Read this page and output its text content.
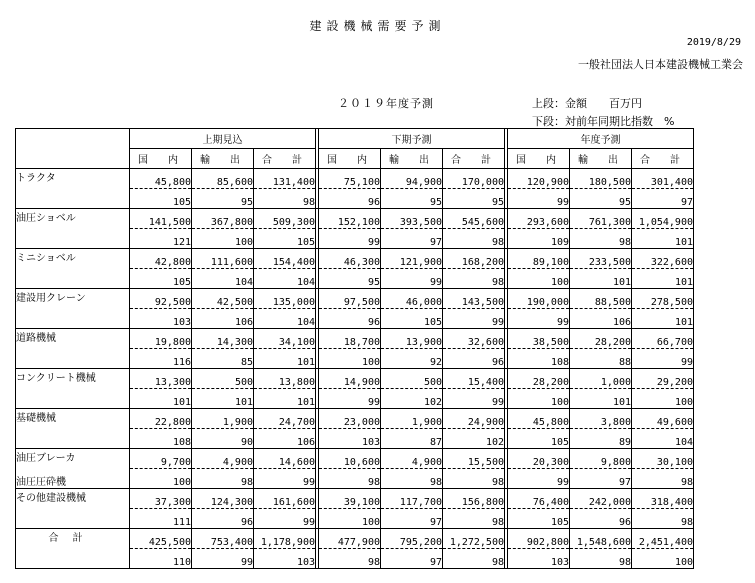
建設機械需要予測
2019/8/29
一般社団法人日本建設機械工業会
２０１９年度予測	上段：金額　　百万円
下段：対前年同期比指数　%
	上期見込				下期予測				年度予測		
	国　内	輸　出	合　計		国　内	輸　出	合　計		国　内	輸　出	合　計
トラクタ	45,800	85,600	131,400		75,100	94,900	170,000		120,900	180,500	301,400
	105	95	98		96	95	95		99	95	97
油圧ショベル	141,500	367,800	509,300		152,100	393,500	545,600		293,600	761,300	1,054,900
	121	100	105		99	97	98		109	98	101
ミニショベル	42,800	111,600	154,400		46,300	121,900	168,200		89,100	233,500	322,600
	105	104	104		95	99	98		100	101	101
建設用クレーン	92,500	42,500	135,000		97,500	46,000	143,500		190,000	88,500	278,500
	103	106	104		96	105	99		99	106	101
道路機械	19,800	14,300	34,100		18,700	13,900	32,600		38,500	28,200	66,700
	116	85	101		100	92	96		108	88	99
コンクリート機械	13,300	500	13,800		14,900	500	15,400		28,200	1,000	29,200
	101	101	101		99	102	99		100	101	100
基礎機械	22,800	1,900	24,700		23,000	1,900	24,900		45,800	3,800	49,600
	108	90	106		103	87	102		105	89	104
油圧ブレーカ	9,700	4,900	14,600		10,600	4,900	15,500		20,300	9,800	30,100
油圧圧砕機	100	98	99		98	98	98		99	97	98
その他建設機械	37,300	124,300	161,600		39,100	117,700	156,800		76,400	242,000	318,400
	111	96	99		100	97	98		105	96	98
合計	425,500	753,400	1,178,900		477,900	795,200	1,272,500		902,800	1,548,600	2,451,400
	110	99	103		98	97	98		103	98	100
